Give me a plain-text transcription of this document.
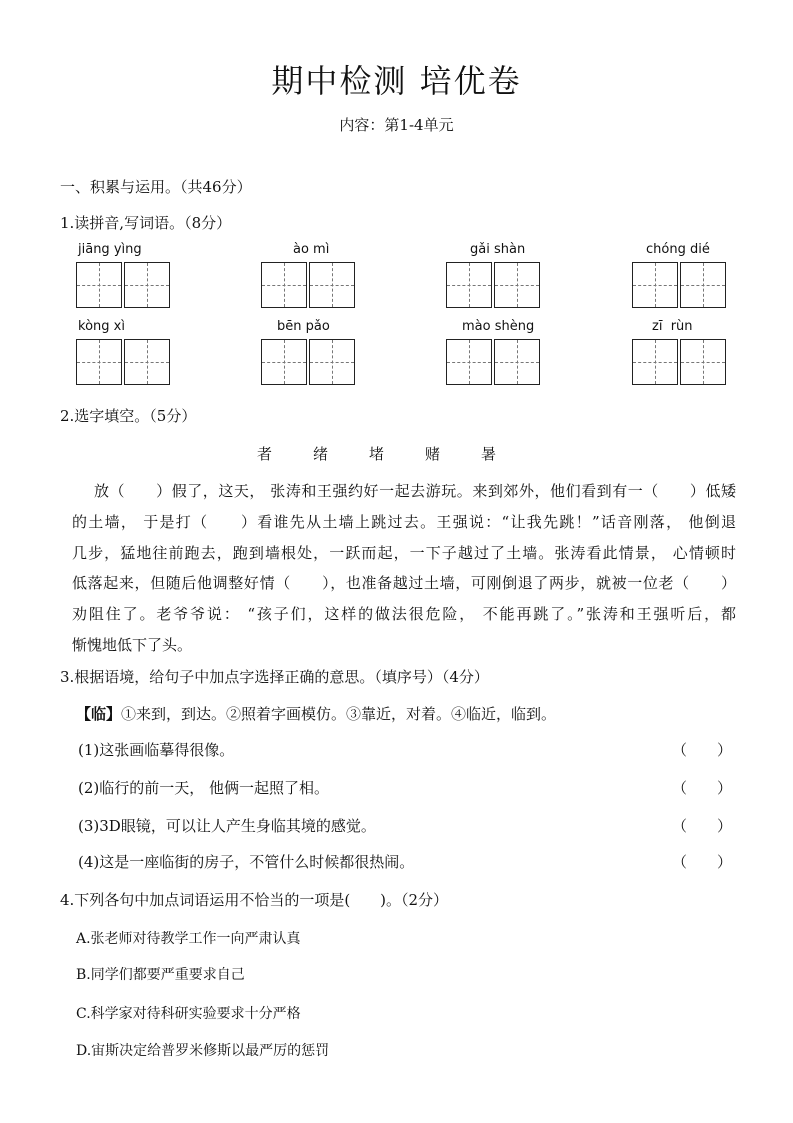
期中检测 培优卷
内容：第1-4单元
一、积累与运用。（共46分）
1.读拼音,写词语。（8分）
jiāng yìng	ào mì	gǎi shàn	chóng dié
kòng xì	bēn pǎo	mào shèng	zī  rùn
2.选字填空。（5分）
者	绪	堵	赌	暑

放（　　）假了，这天， 张涛和王强约好一起去游玩。来到郊外，他们看到有一（　　）低矮

的土墙， 于是打（　　）看谁先从土墙上跳过去。王强说：“让我先跳！”话音刚落， 他倒退

几步，猛地往前跑去，跑到墙根处，一跃而起，一下子越过了土墙。张涛看此情景， 心情顿时

低落起来，但随后他调整好情（　　），也准备越过土墙，可刚倒退了两步，就被一位老（　　）

劝阻住了。老爷爷说： “孩子们，这样的做法很危险， 不能再跳了。”张涛和王强听后，都

惭愧地低下了头。

3.根据语境，给句子中加点字选择正确的意思。（填序号）（4分）
【临】①来到，到达。②照着字画模仿。③靠近，对着。④临近，临到。
(1)这张画临摹得很像。	（　　）
(2)临行的前一天， 他俩一起照了相。	（　　）
(3)3D眼镜，可以让人产生身临其境的感觉。	（　　）
(4)这是一座临街的房子，不管什么时候都很热闹。	（　　）
4.下列各句中加点词语运用不恰当的一项是(　　)。（2分）
A.张老师对待教学工作一向严肃认真
B.同学们都要严重要求自己
C.科学家对待科研实验要求十分严格
D.宙斯决定给普罗米修斯以最严厉的惩罚
